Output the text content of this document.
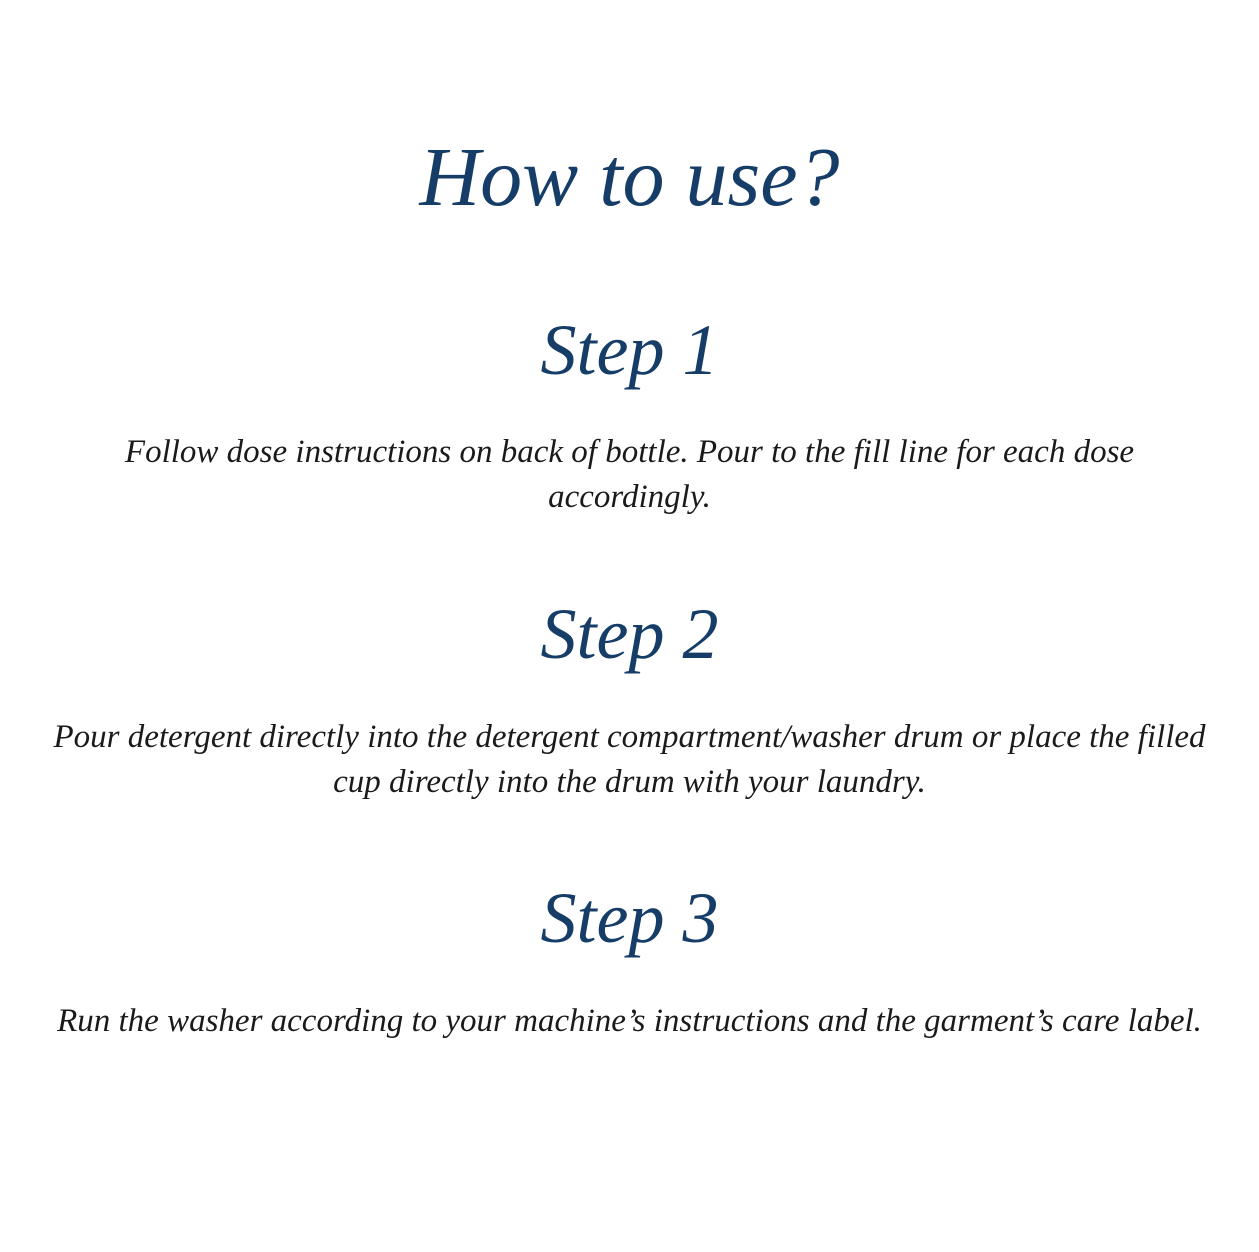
How to use?
Step 1

Follow dose instructions on back of bottle. Pour to the fill line for each dose accordingly.

Step 2

Pour detergent directly into the detergent compartment/washer drum or place the filled cup directly into the drum with your laundry.

Step 3

Run the washer according to your machine’s instructions and the garment’s care label.
